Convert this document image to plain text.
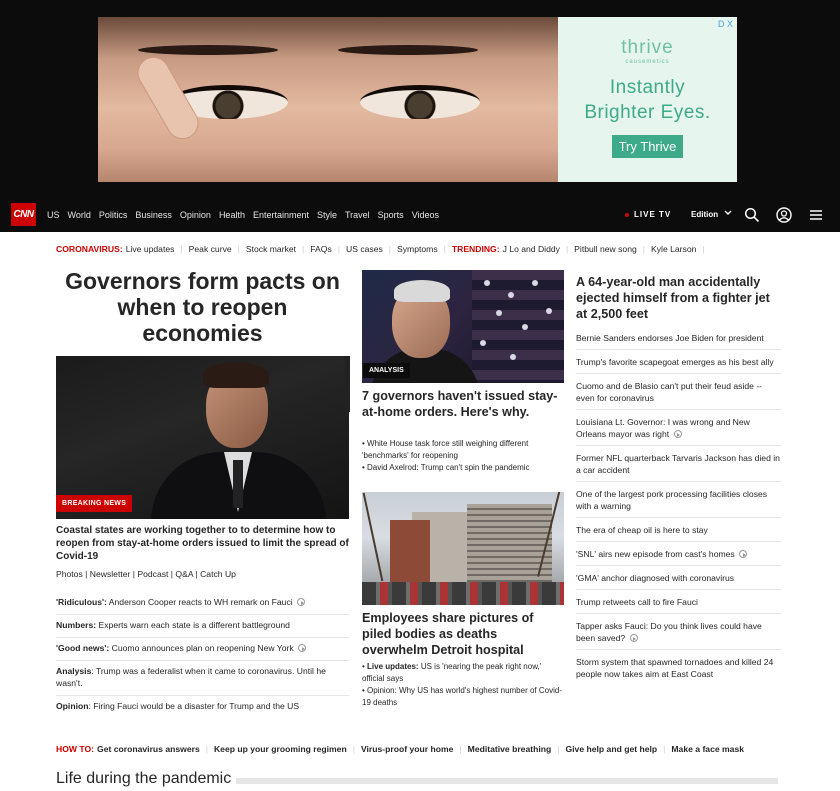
D X
thrive
causemetics
Instantly
Brighter Eyes.
Try Thrive
CNN US World Politics Business Opinion Health Entertainment Style Travel Sports Videos	LIVE TV Edition
CORONAVIRUS: Live updates | Peak curve | Stock market | FAQs | US cases | Symptoms | TRENDING: J Lo and Diddy | Pitbull new song | Kyle Larson |
Governors form pacts on when to reopen economies
BREAKING NEWS
Coastal states are working together to to determine how to reopen from stay-at-home orders issued to limit the spread of Covid-19
Photos | Newsletter | Podcast | Q&A | Catch Up
'Ridiculous': Anderson Cooper reacts to WH remark on Fauci
Numbers: Experts warn each state is a different battleground
'Good news': Cuomo announces plan on reopening New York
Analysis: Trump was a federalist when it came to coronavirus. Until he wasn't.
Opinion: Firing Fauci would be a disaster for Trump and the US
ANALYSIS
7 governors haven't issued stay-at-home orders. Here's why.
• White House task force still weighing different 'benchmarks' for reopening
• David Axelrod: Trump can't spin the pandemic
Employees share pictures of piled bodies as deaths overwhelm Detroit hospital
• Live updates: US is 'nearing the peak right now,' official says
• Opinion: Why US has world's highest number of Covid-19 deaths
A 64-year-old man accidentally ejected himself from a fighter jet at 2,500 feet
Bernie Sanders endorses Joe Biden for president
Trump's favorite scapegoat emerges as his best ally
Cuomo and de Blasio can't put their feud aside -- even for coronavirus
Louisiana Lt. Governor: I was wrong and New Orleans mayor was right
Former NFL quarterback Tarvaris Jackson has died in a car accident
One of the largest pork processing facilities closes with a warning
The era of cheap oil is here to stay
'SNL' airs new episode from cast's homes
'GMA' anchor diagnosed with coronavirus
Trump retweets call to fire Fauci
Tapper asks Fauci: Do you think lives could have been saved?
Storm system that spawned tornadoes and killed 24 people now takes aim at East Coast
HOW TO: Get coronavirus answers | Keep up your grooming regimen | Virus-proof your home | Meditative breathing | Give help and get help | Make a face mask
Life during the pandemic
